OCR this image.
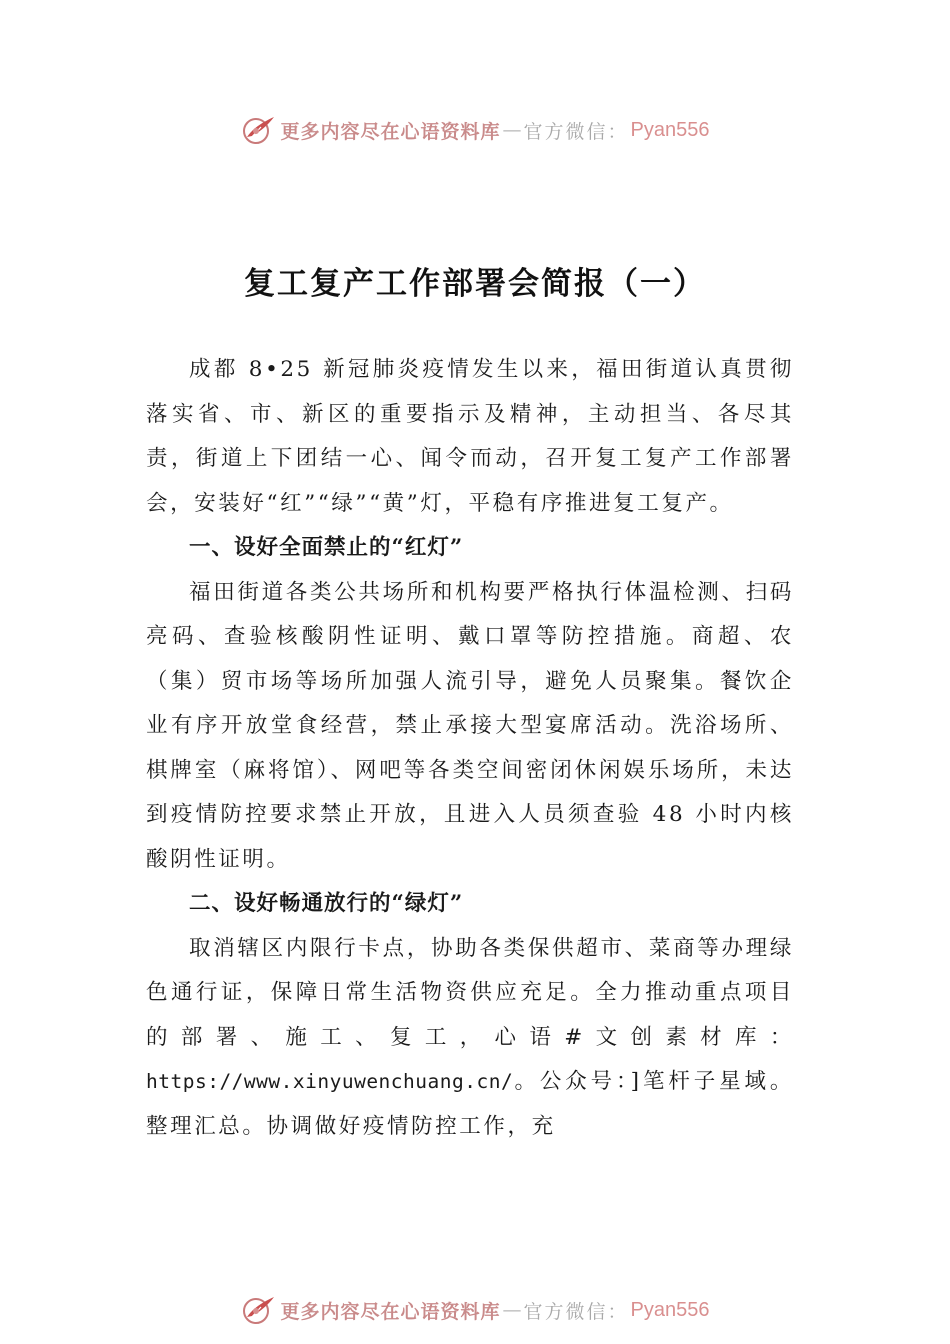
更多内容尽在心语资料库 — 官方微信： Pyan556
复工复产工作部署会简报（一）

成都 8•25 新冠肺炎疫情发生以来，福田街道认真贯彻落实省、市、新区的重要指示及精神，主动担当、各尽其责，街道上下团结一心、闻令而动，召开复工复产工作部署会，安装好“红”“绿”“黄”灯，平稳有序推进复工复产。

一、设好全面禁止的“红灯”

福田街道各类公共场所和机构要严格执行体温检测、扫码亮码、查验核酸阴性证明、戴口罩等防控措施。商超、农（集）贸市场等场所加强人流引导，避免人员聚集。餐饮企业有序开放堂食经营，禁止承接大型宴席活动。洗浴场所、棋牌室（麻将馆）、网吧等各类空间密闭休闲娱乐场所，未达到疫情防控要求禁止开放，且进入人员须查验 48 小时内核酸阴性证明。

二、设好畅通放行的“绿灯”

取消辖区内限行卡点，协助各类保供超市、菜商等办理绿色通行证，保障日常生活物资供应充足。全力推动重点项目的部署、施工、复工，心语#文创素材库：https://www.xinyuwenchuang.cn/。公众号：]笔杆子星域。整理汇总。协调做好疫情防控工作，充

更多内容尽在心语资料库 — 官方微信： Pyan556
